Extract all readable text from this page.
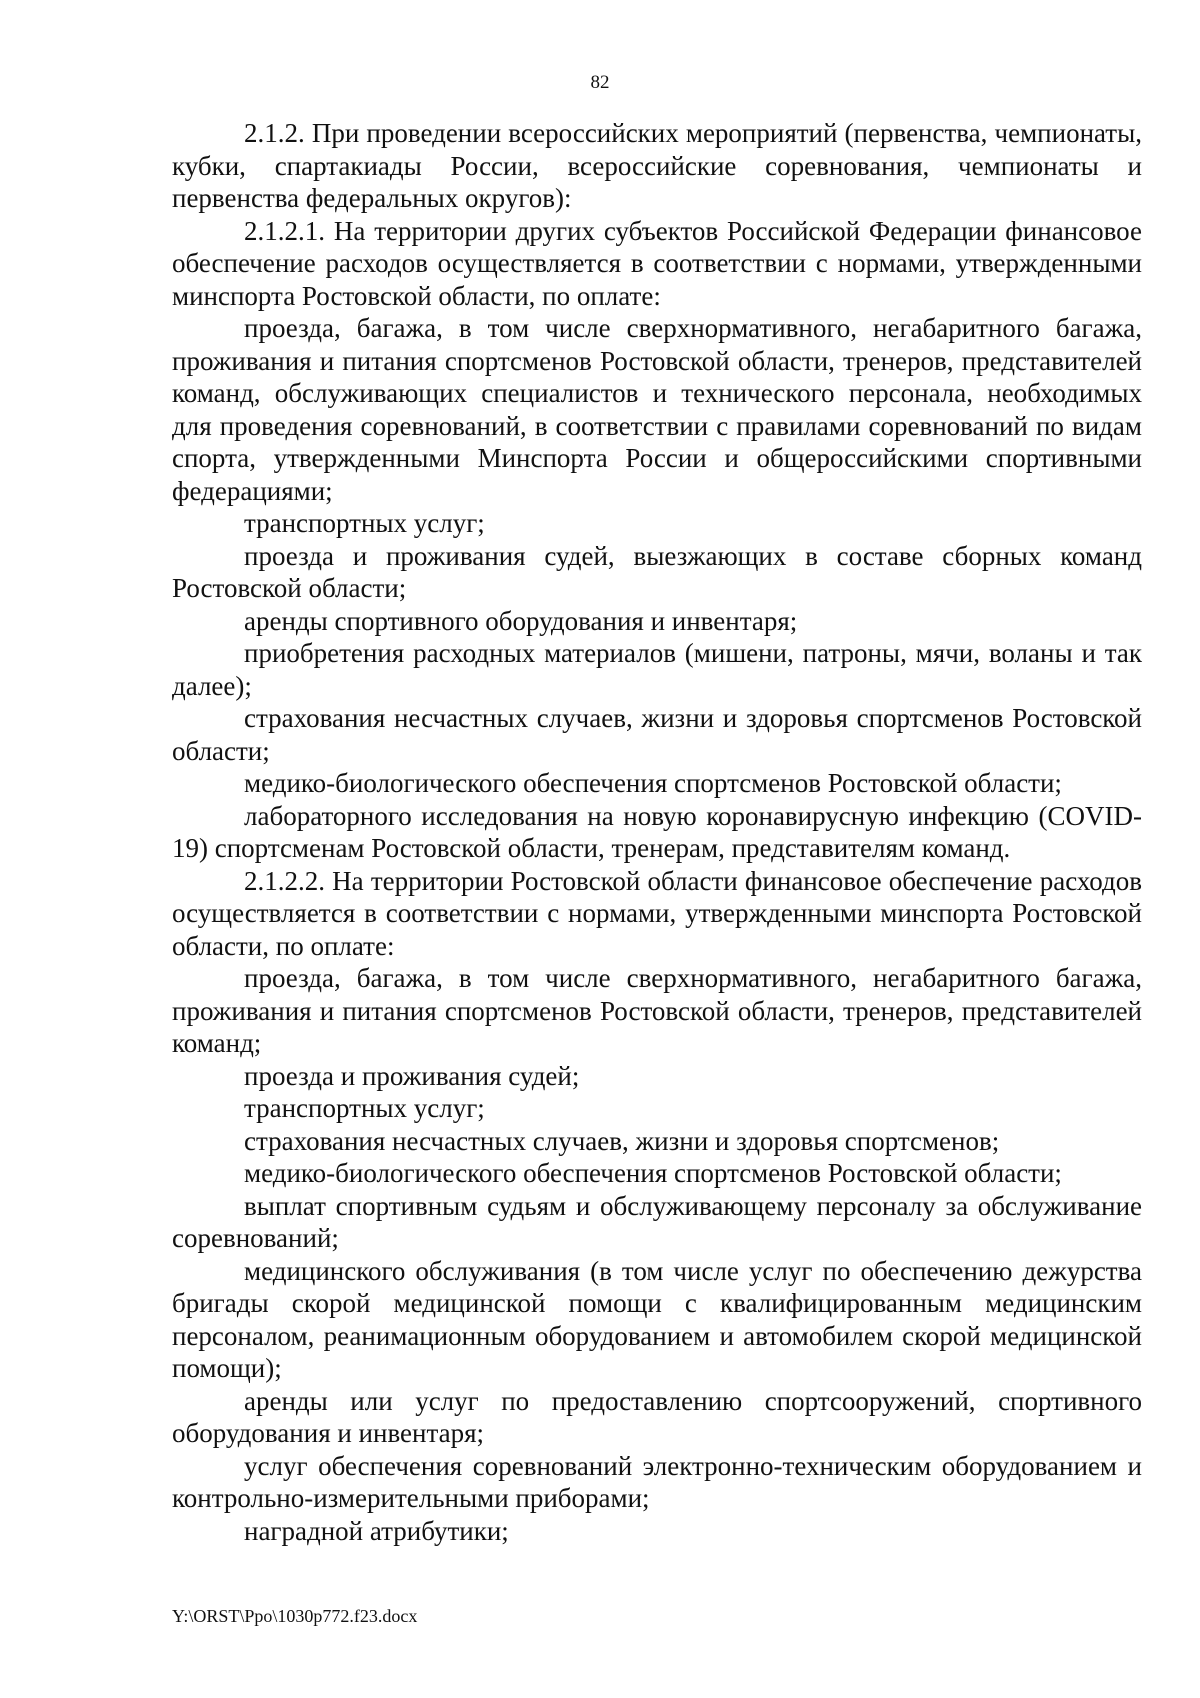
82

2.1.2. При проведении всероссийских мероприятий (первенства, чемпионаты, кубки, спартакиады России, всероссийские соревнования, чемпионаты и первенства федеральных округов):

2.1.2.1. На территории других субъектов Российской Федерации финансовое обеспечение расходов осуществляется в соответствии с нормами, утвержденными минспорта Ростовской области, по оплате:

проезда, багажа, в том числе сверхнормативного, негабаритного багажа, проживания и питания спортсменов Ростовской области, тренеров, представителей команд, обслуживающих специалистов и технического персонала, необходимых для проведения соревнований, в соответствии с правилами соревнований по видам спорта, утвержденными Минспорта России и общероссийскими спортивными федерациями;

транспортных услуг;

проезда и проживания судей, выезжающих в составе сборных команд Ростовской области;

аренды спортивного оборудования и инвентаря;

приобретения расходных материалов (мишени, патроны, мячи, воланы и так далее);

страхования несчастных случаев, жизни и здоровья спортсменов Ростовской области;

медико-биологического обеспечения спортсменов Ростовской области;

лабораторного исследования на новую коронавирусную инфекцию (COVID-19) спортсменам Ростовской области, тренерам, представителям команд.

2.1.2.2. На территории Ростовской области финансовое обеспечение расходов осуществляется в соответствии с нормами, утвержденными минспорта Ростовской области, по оплате:

проезда, багажа, в том числе сверхнормативного, негабаритного багажа, проживания и питания спортсменов Ростовской области, тренеров, представителей команд;

проезда и проживания судей;

транспортных услуг;

страхования несчастных случаев, жизни и здоровья спортсменов;

медико-биологического обеспечения спортсменов Ростовской области;

выплат спортивным судьям и обслуживающему персоналу за обслуживание соревнований;

медицинского обслуживания (в том числе услуг по обеспечению дежурства бригады скорой медицинской помощи с квалифицированным медицинским персоналом, реанимационным оборудованием и автомобилем скорой медицинской помощи);

аренды или услуг по предоставлению спортсооружений, спортивного оборудования и инвентаря;

услуг обеспечения соревнований электронно-техническим оборудованием и контрольно-измерительными приборами;

наградной атрибутики;

Y:\ORST\Ppo\1030p772.f23.docx
